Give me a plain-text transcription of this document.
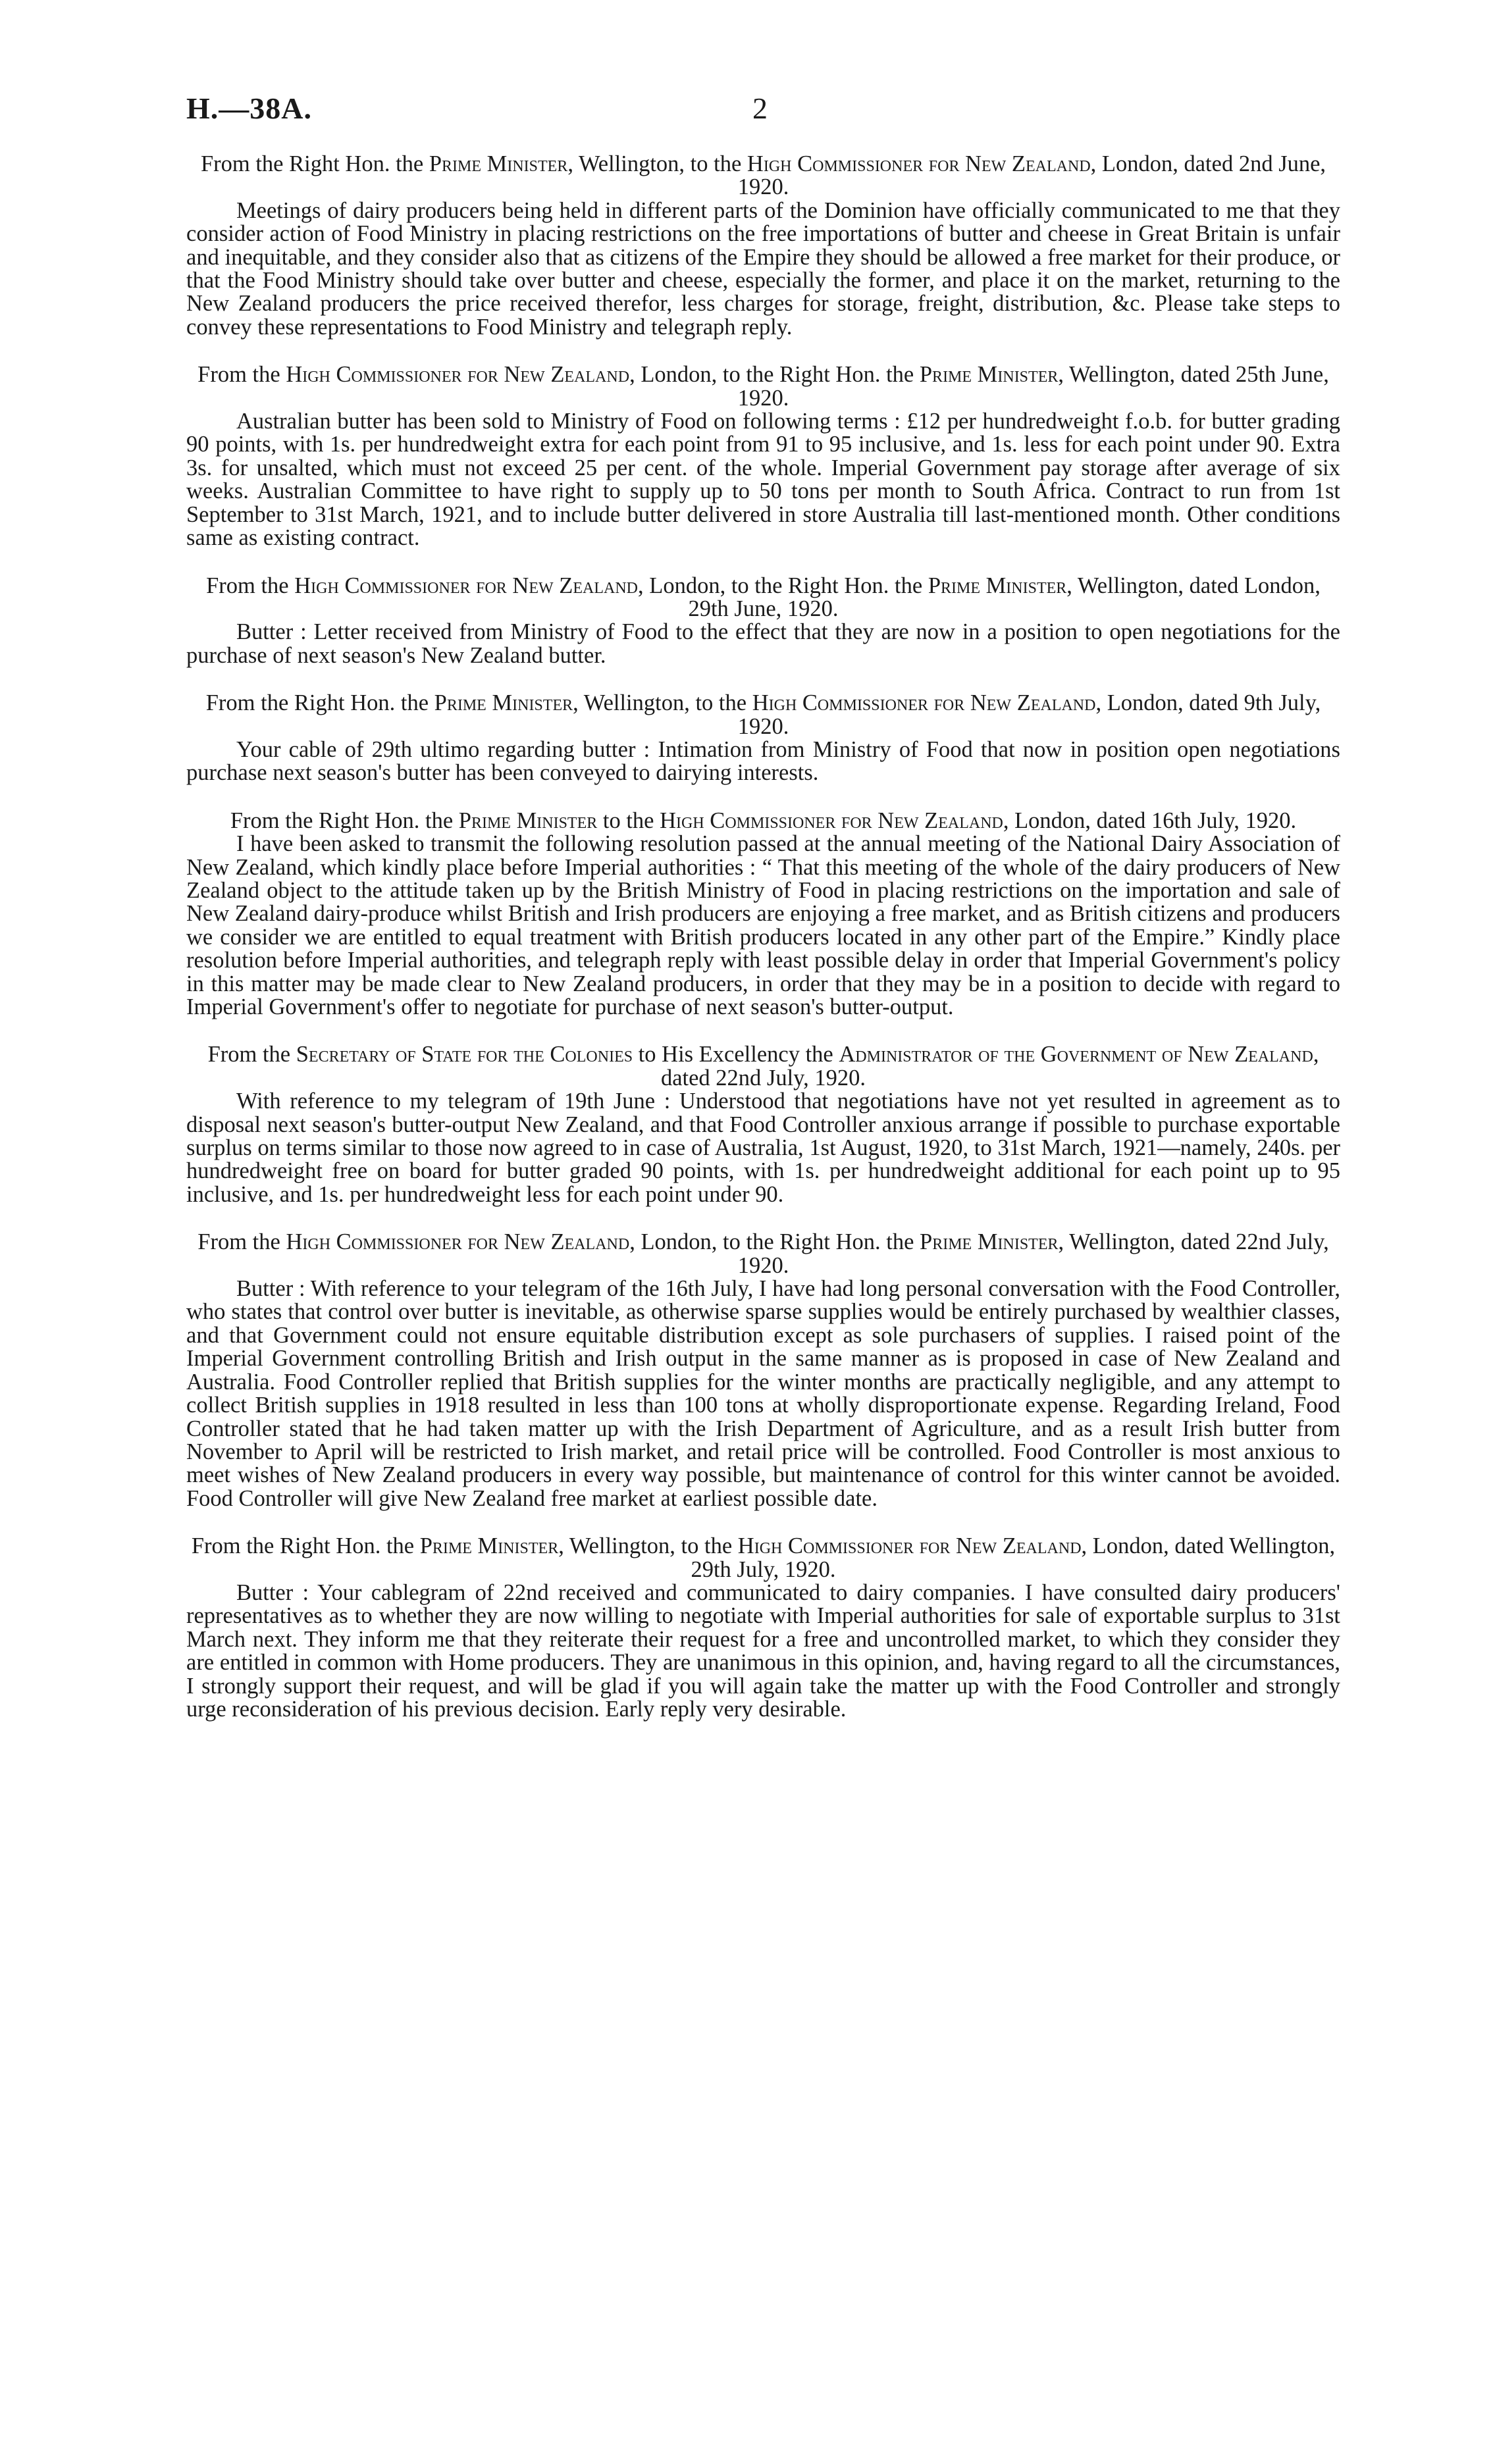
H.—38A.	2
From the Right Hon. the Prime Minister, Wellington, to the High Commissioner for New Zealand, London, dated 2nd June, 1920.

Meetings of dairy producers being held in different parts of the Dominion have officially communicated to me that they consider action of Food Ministry in placing restrictions on the free importations of butter and cheese in Great Britain is unfair and inequitable, and they consider also that as citizens of the Empire they should be allowed a free market for their produce, or that the Food Ministry should take over butter and cheese, especially the former, and place it on the market, returning to the New Zealand producers the price received therefor, less charges for storage, freight, distribution, &c. Please take steps to convey these representations to Food Ministry and telegraph reply.

From the High Commissioner for New Zealand, London, to the Right Hon. the Prime Minister, Wellington, dated 25th June, 1920.

Australian butter has been sold to Ministry of Food on following terms : £12 per hundredweight f.o.b. for butter grading 90 points, with 1s. per hundredweight extra for each point from 91 to 95 inclusive, and 1s. less for each point under 90. Extra 3s. for unsalted, which must not exceed 25 per cent. of the whole. Imperial Government pay storage after average of six weeks. Australian Committee to have right to supply up to 50 tons per month to South Africa. Contract to run from 1st September to 31st March, 1921, and to include butter delivered in store Australia till last-mentioned month. Other conditions same as existing contract.

From the High Commissioner for New Zealand, London, to the Right Hon. the Prime Minister, Wellington, dated London, 29th June, 1920.

Butter : Letter received from Ministry of Food to the effect that they are now in a position to open negotiations for the purchase of next season's New Zealand butter.

From the Right Hon. the Prime Minister, Wellington, to the High Commissioner for New Zealand, London, dated 9th July, 1920.

Your cable of 29th ultimo regarding butter : Intimation from Ministry of Food that now in position open negotiations purchase next season's butter has been conveyed to dairying interests.

From the Right Hon. the Prime Minister to the High Commissioner for New Zealand, London, dated 16th July, 1920.

I have been asked to transmit the following resolution passed at the annual meeting of the National Dairy Association of New Zealand, which kindly place before Imperial authorities : “ That this meeting of the whole of the dairy producers of New Zealand object to the attitude taken up by the British Ministry of Food in placing restrictions on the importation and sale of New Zealand dairy-produce whilst British and Irish producers are enjoying a free market, and as British citizens and producers we consider we are entitled to equal treatment with British producers located in any other part of the Empire.” Kindly place resolution before Imperial authorities, and telegraph reply with least possible delay in order that Imperial Government's policy in this matter may be made clear to New Zealand producers, in order that they may be in a position to decide with regard to Imperial Government's offer to negotiate for purchase of next season's butter-output.

From the Secretary of State for the Colonies to His Excellency the Administrator of the Government of New Zealand, dated 22nd July, 1920.

With reference to my telegram of 19th June : Understood that negotiations have not yet resulted in agreement as to disposal next season's butter-output New Zealand, and that Food Controller anxious arrange if possible to purchase exportable surplus on terms similar to those now agreed to in case of Australia, 1st August, 1920, to 31st March, 1921—namely, 240s. per hundredweight free on board for butter graded 90 points, with 1s. per hundredweight additional for each point up to 95 inclusive, and 1s. per hundredweight less for each point under 90.

From the High Commissioner for New Zealand, London, to the Right Hon. the Prime Minister, Wellington, dated 22nd July, 1920.

Butter : With reference to your telegram of the 16th July, I have had long personal conversation with the Food Controller, who states that control over butter is inevitable, as otherwise sparse supplies would be entirely purchased by wealthier classes, and that Government could not ensure equitable distribution except as sole purchasers of supplies. I raised point of the Imperial Government controlling British and Irish output in the same manner as is proposed in case of New Zealand and Australia. Food Controller replied that British supplies for the winter months are practically negligible, and any attempt to collect British supplies in 1918 resulted in less than 100 tons at wholly disproportionate expense. Regarding Ireland, Food Controller stated that he had taken matter up with the Irish Department of Agriculture, and as a result Irish butter from November to April will be restricted to Irish market, and retail price will be controlled. Food Controller is most anxious to meet wishes of New Zealand producers in every way possible, but maintenance of control for this winter cannot be avoided. Food Controller will give New Zealand free market at earliest possible date.

From the Right Hon. the Prime Minister, Wellington, to the High Commissioner for New Zealand, London, dated Wellington, 29th July, 1920.

Butter : Your cablegram of 22nd received and communicated to dairy companies. I have consulted dairy producers' representatives as to whether they are now willing to negotiate with Imperial authorities for sale of exportable surplus to 31st March next. They inform me that they reiterate their request for a free and uncontrolled market, to which they consider they are entitled in common with Home producers. They are unanimous in this opinion, and, having regard to all the circumstances, I strongly support their request, and will be glad if you will again take the matter up with the Food Controller and strongly urge reconsideration of his previous decision. Early reply very desirable.
